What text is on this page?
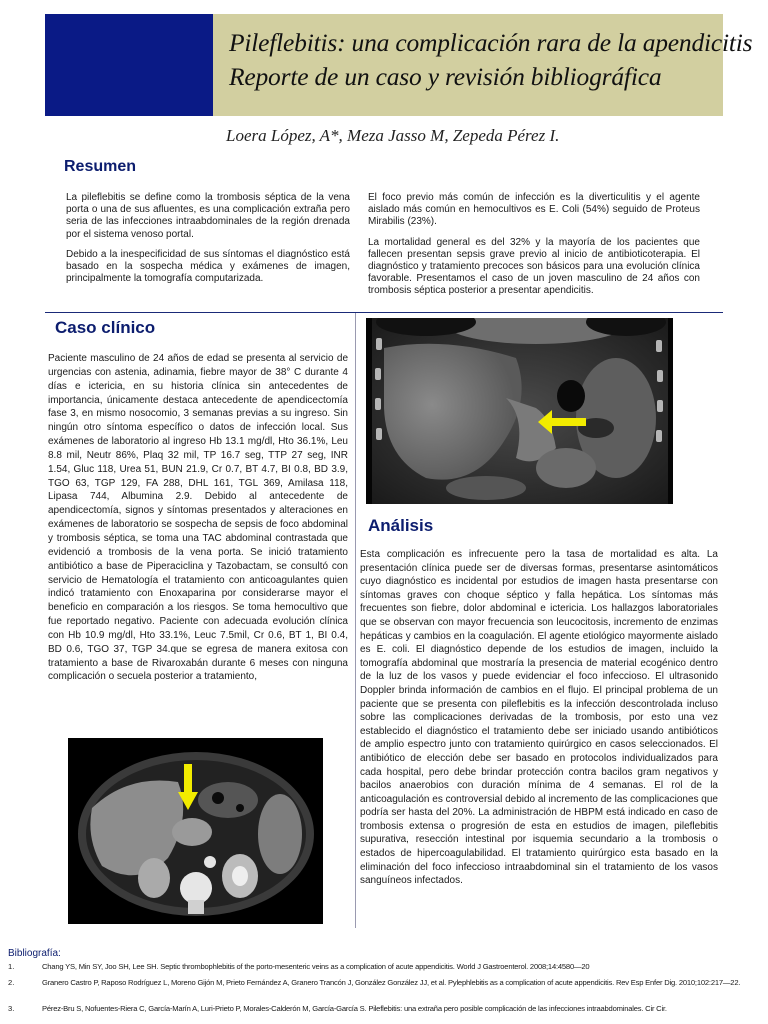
Pileflebitis: una complicación rara de la apendicitis
Reporte de un caso y revisión bibliográfica
Loera López, A*, Meza Jasso M, Zepeda Pérez I.
Resumen

La pileflebitis se define como la trombosis séptica de la vena porta o una de sus afluentes, es una complicación extraña pero seria de las infecciones intraabdominales de la región drenada por el sistema venoso portal.

Debido a la inespecificidad de sus síntomas el diagnóstico está basado en la sospecha médica y exámenes de imagen, principalmente la tomografía computarizada.

El foco previo más común de infección es la diverticulitis y el agente aislado más común en hemocultivos es E. Coli (54%) seguido de Proteus Mirabilis (23%).

La mortalidad general es del 32% y la mayoría de los pacientes que fallecen presentan sepsis grave previo al inicio de antibioticoterapia. El diagnóstico y tratamiento precoces son básicos para una evolución clínica favorable. Presentamos el caso de un joven masculino de 24 años con trombosis séptica posterior a presentar apendicitis.

Caso clínico

Paciente masculino de 24 años de edad se presenta al servicio de urgencias con astenia, adinamia, fiebre mayor de 38° C durante 4 días e ictericia, en su historia clínica sin antecedentes de importancia, únicamente destaca antecedente de apendicectomía fase 3, en mismo nosocomio, 3 semanas previas a su ingreso. Sin ningún otro síntoma específico o datos de infección local. Sus exámenes de laboratorio al ingreso Hb 13.1 mg/dl, Hto 36.1%, Leu 8.8 mil, Neutr 86%, Plaq 32 mil, TP 16.7 seg, TTP 27 seg, INR 1.54, Gluc 118, Urea 51, BUN 21.9, Cr 0.7, BT 4.7, BI 0.8, BD 3.9, TGO 63, TGP 129, FA 288, DHL 161, TGL 369, Amilasa 118, Lipasa 744, Albumina 2.9. Debido al antecedente de apendicectomía, signos y síntomas presentados y alteraciones en exámenes de laboratorio se sospecha de sepsis de foco abdominal y trombosis séptica, se toma una TAC abdominal contrastada que evidenció a trombosis de la vena porta. Se inició tratamiento antibiótico a base de Piperaciclina y Tazobactam, se consultó con servicio de Hematología el tratamiento con anticoagulantes quien indicó tratamiento con Enoxaparina por considerarse mayor el beneficio en comparación a los riesgos. Se toma hemocultivo que fue reportado negativo. Paciente con adecuada evolución clínica con Hb 10.9 mg/dl, Hto 33.1%, Leuc 7.5mil, Cr 0.6, BT 1, BI 0.4, BD 0.6, TGO 37, TGP 34.que se egresa de manera exitosa con tratamiento a base de Rivaroxabán durante 6 meses con ninguna complicación o secuela posterior a tratamiento,

Análisis

Esta complicación es infrecuente pero la tasa de mortalidad es alta. La presentación clínica puede ser de diversas formas, presentarse asintomáticos cuyo diagnóstico es incidental por estudios de imagen hasta presentarse con síntomas graves con choque séptico y falla hepática. Los síntomas más frecuentes son fiebre, dolor abdominal e ictericia. Los hallazgos laboratoriales que se observan con mayor frecuencia son leucocitosis, incremento de enzimas hepáticas y cambios en la coagulación. El agente etiológico mayormente aislado es E. coli. El diagnóstico depende de los estudios de imagen, incluido la tomografía abdominal que mostraría la presencia de material ecogénico dentro de la luz de los vasos y puede evidenciar el foco infeccioso. El ultrasonido Doppler brinda información de cambios en el flujo. El principal problema de un paciente que se presenta con pileflebitis es la infección descontrolada incluso sobre las complicaciones derivadas de la trombosis, por esto una vez establecido el diagnóstico el tratamiento debe ser iniciado usando antibióticos de amplio espectro junto con tratamiento quirúrgico en casos seleccionados. El antibiótico de elección debe ser basado en protocolos individualizados para cada hospital, pero debe brindar protección contra bacilos gram negativos y bacilos anaerobios con duración mínima de 4 semanas. El rol de la anticoagulación es controversial debido al incremento de las complicaciones que podría ser hasta del 20%. La administración de HBPM está indicado en caso de trombosis extensa o progresión de esta en estudios de imagen, pileflebitis supurativa, resección intestinal por isquemia secundario a la trombosis o estados de hipercoagulabilidad. El tratamiento quirúrgico esta basado en la eliminación del foco infeccioso intraabdominal sin el tratamiento de los vasos sanguíneos infectados.

Bibliografía:
1.	Chang YS, Min SY, Joo SH, Lee SH. Septic thrombophlebitis of the porto-mesenteric veins as a complication of acute appendicitis. World J Gastroenterol. 2008;14:4580—20
2.	Granero Castro P, Raposo Rodríguez L, Moreno Gijón M, Prieto Fernández A, Granero Trancón J, González González JJ, et al. Pylephlebitis as a complication of acute appendicitis. Rev Esp Enfer Dig. 2010;102:217—22.
3.	Pérez-Bru S, Nofuentes-Riera C, García-Marín A, Luri-Prieto P, Morales-Calderón M, García-García S. Pileflebitis: una extraña pero posible complicación de las infecciones intraabdominales. Cir Cir.
